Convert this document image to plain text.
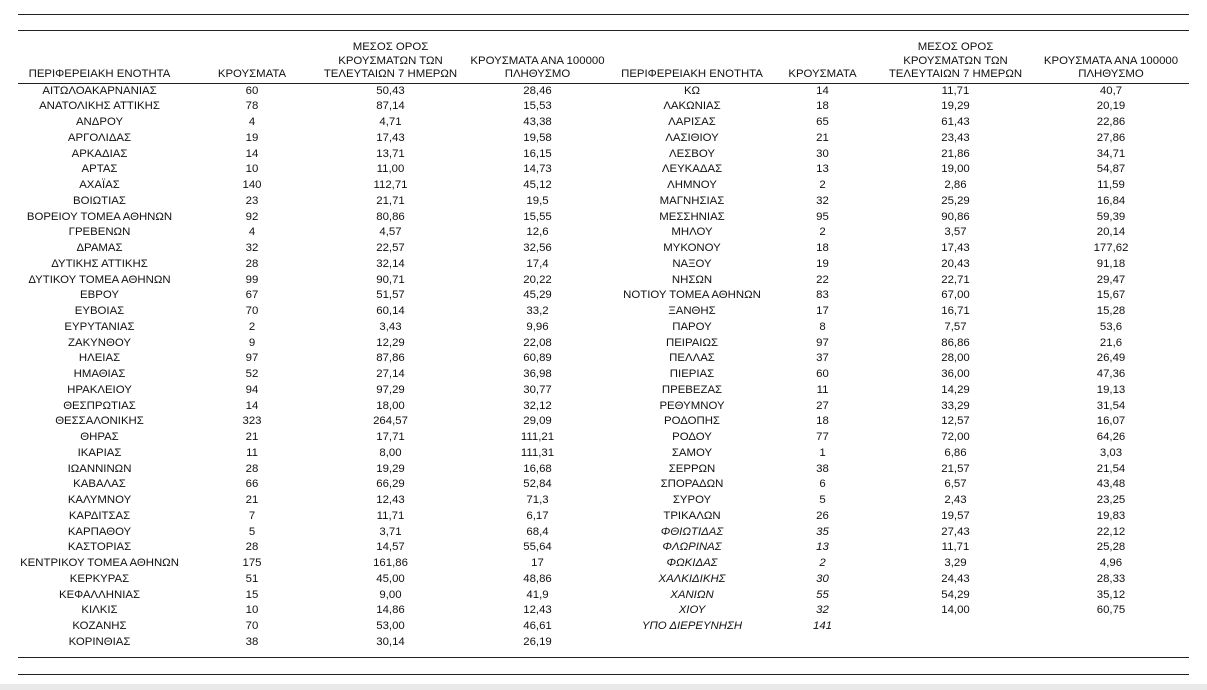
ΠΕΡΙΦΕΡΕΙΑΚΗ ΕΝΟΤΗΤΑ	ΚΡΟΥΣΜΑΤΑ	ΜΕΣΟΣ ΟΡΟΣ
ΚΡΟΥΣΜΑΤΩΝ ΤΩΝ
ΤΕΛΕΥΤΑΙΩΝ 7 ΗΜΕΡΩΝ	ΚΡΟΥΣΜΑΤΑ ΑΝΑ 100000
ΠΛΗΘΥΣΜΟ	ΠΕΡΙΦΕΡΕΙΑΚΗ ΕΝΟΤΗΤΑ	ΚΡΟΥΣΜΑΤΑ	ΜΕΣΟΣ ΟΡΟΣ
ΚΡΟΥΣΜΑΤΩΝ ΤΩΝ
ΤΕΛΕΥΤΑΙΩΝ 7 ΗΜΕΡΩΝ	ΚΡΟΥΣΜΑΤΑ ΑΝΑ 100000
ΠΛΗΘΥΣΜΟ

ΑΙΤΩΛΟΑΚΑΡΝΑΝΙΑΣ	60	50,43	28,46	ΚΩ	14	11,71	40,7
ΑΝΑΤΟΛΙΚΗΣ ΑΤΤΙΚΗΣ	78	87,14	15,53	ΛΑΚΩΝΙΑΣ	18	19,29	20,19
ΑΝΔΡΟΥ	4	4,71	43,38	ΛΑΡΙΣΑΣ	65	61,43	22,86
ΑΡΓΟΛΙΔΑΣ	19	17,43	19,58	ΛΑΣΙΘΙΟΥ	21	23,43	27,86
ΑΡΚΑΔΙΑΣ	14	13,71	16,15	ΛΕΣΒΟΥ	30	21,86	34,71
ΑΡΤΑΣ	10	11,00	14,73	ΛΕΥΚΑΔΑΣ	13	19,00	54,87
ΑΧΑΪΑΣ	140	112,71	45,12	ΛΗΜΝΟΥ	2	2,86	11,59
ΒΟΙΩΤΙΑΣ	23	21,71	19,5	ΜΑΓΝΗΣΙΑΣ	32	25,29	16,84
ΒΟΡΕΙΟΥ ΤΟΜΕΑ ΑΘΗΝΩΝ	92	80,86	15,55	ΜΕΣΣΗΝΙΑΣ	95	90,86	59,39
ΓΡΕΒΕΝΩΝ	4	4,57	12,6	ΜΗΛΟΥ	2	3,57	20,14
ΔΡΑΜΑΣ	32	22,57	32,56	ΜΥΚΟΝΟΥ	18	17,43	177,62
ΔΥΤΙΚΗΣ ΑΤΤΙΚΗΣ	28	32,14	17,4	ΝΑΞΟΥ	19	20,43	91,18
ΔΥΤΙΚΟΥ ΤΟΜΕΑ ΑΘΗΝΩΝ	99	90,71	20,22	ΝΗΣΩΝ	22	22,71	29,47
ΕΒΡΟΥ	67	51,57	45,29	ΝΟΤΙΟΥ ΤΟΜΕΑ ΑΘΗΝΩΝ	83	67,00	15,67
ΕΥΒΟΙΑΣ	70	60,14	33,2	ΞΑΝΘΗΣ	17	16,71	15,28
ΕΥΡΥΤΑΝΙΑΣ	2	3,43	9,96	ΠΑΡΟΥ	8	7,57	53,6
ΖΑΚΥΝΘΟΥ	9	12,29	22,08	ΠΕΙΡΑΙΩΣ	97	86,86	21,6
ΗΛΕΙΑΣ	97	87,86	60,89	ΠΕΛΛΑΣ	37	28,00	26,49
ΗΜΑΘΙΑΣ	52	27,14	36,98	ΠΙΕΡΙΑΣ	60	36,00	47,36
ΗΡΑΚΛΕΙΟΥ	94	97,29	30,77	ΠΡΕΒΕΖΑΣ	11	14,29	19,13
ΘΕΣΠΡΩΤΙΑΣ	14	18,00	32,12	ΡΕΘΥΜΝΟΥ	27	33,29	31,54
ΘΕΣΣΑΛΟΝΙΚΗΣ	323	264,57	29,09	ΡΟΔΟΠΗΣ	18	12,57	16,07
ΘΗΡΑΣ	21	17,71	111,21	ΡΟΔΟΥ	77	72,00	64,26
ΙΚΑΡΙΑΣ	11	8,00	111,31	ΣΑΜΟΥ	1	6,86	3,03
ΙΩΑΝΝΙΝΩΝ	28	19,29	16,68	ΣΕΡΡΩΝ	38	21,57	21,54
ΚΑΒΑΛΑΣ	66	66,29	52,84	ΣΠΟΡΑΔΩΝ	6	6,57	43,48
ΚΑΛΥΜΝΟΥ	21	12,43	71,3	ΣΥΡΟΥ	5	2,43	23,25
ΚΑΡΔΙΤΣΑΣ	7	11,71	6,17	ΤΡΙΚΑΛΩΝ	26	19,57	19,83
ΚΑΡΠΑΘΟΥ	5	3,71	68,4	ΦΘΙΩΤΙΔΑΣ	35	27,43	22,12
ΚΑΣΤΟΡΙΑΣ	28	14,57	55,64	ΦΛΩΡΙΝΑΣ	13	11,71	25,28
ΚΕΝΤΡΙΚΟΥ ΤΟΜΕΑ ΑΘΗΝΩΝ	175	161,86	17	ΦΩΚΙΔΑΣ	2	3,29	4,96
ΚΕΡΚΥΡΑΣ	51	45,00	48,86	ΧΑΛΚΙΔΙΚΗΣ	30	24,43	28,33
ΚΕΦΑΛΛΗΝΙΑΣ	15	9,00	41,9	ΧΑΝΙΩΝ	55	54,29	35,12
ΚΙΛΚΙΣ	10	14,86	12,43	ΧΙΟΥ	32	14,00	60,75
ΚΟΖΑΝΗΣ	70	53,00	46,61	ΥΠΟ ΔΙΕΡΕΥΝΗΣΗ	141		
ΚΟΡΙΝΘΙΑΣ	38	30,14	26,19				
